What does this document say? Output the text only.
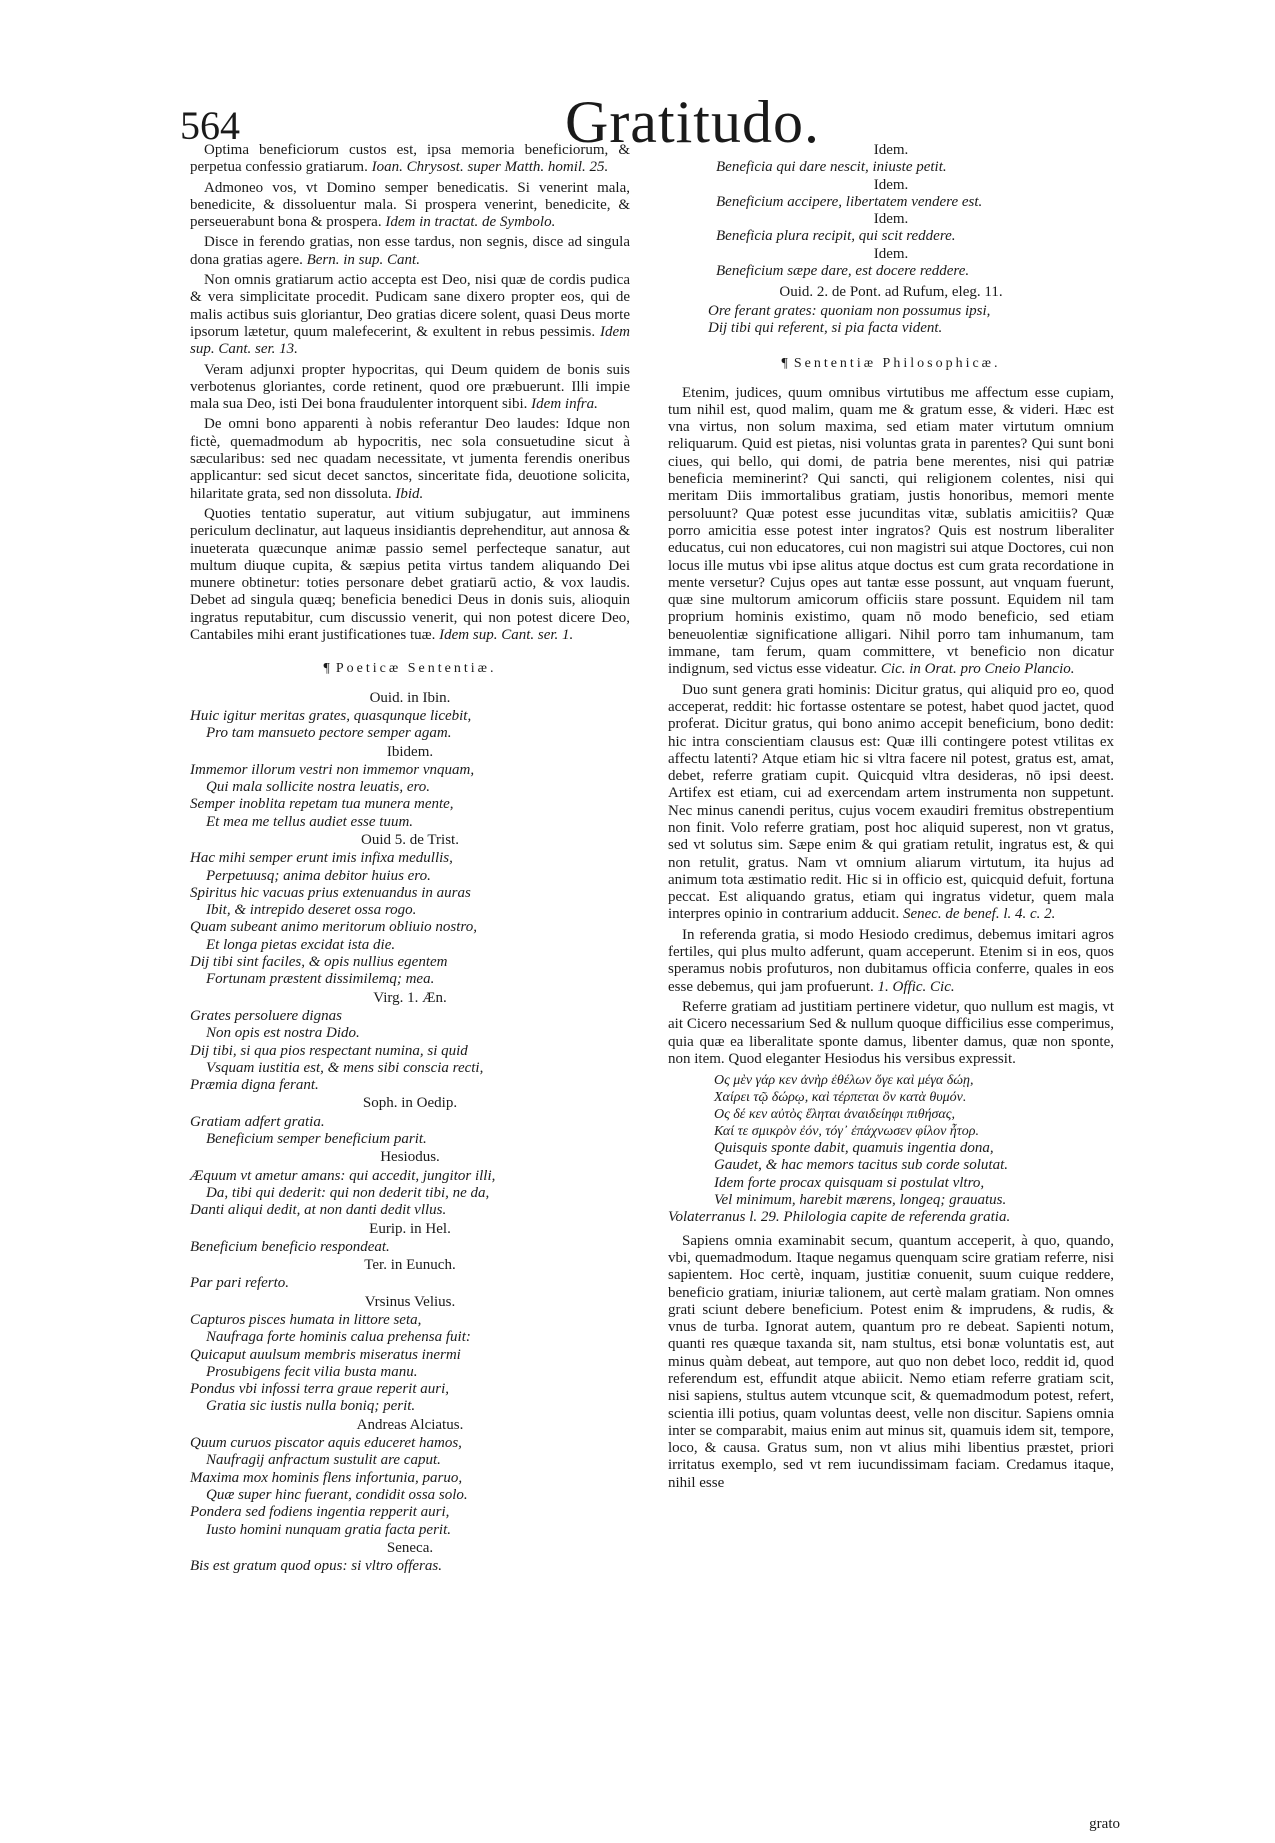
564	Gratitudo.

Optima beneficiorum custos est, ipsa memoria beneficiorum, & perpetua confessio gratiarum. Ioan. Chrysost. super Matth. homil. 25.

Admoneo vos, vt Domino semper benedicatis. Si venerint mala, benedicite, & dissoluentur mala. Si prospera venerint, benedicite, & perseuerabunt bona & prospera. Idem in tractat. de Symbolo.

Disce in ferendo gratias, non esse tardus, non segnis, disce ad singula dona gratias agere. Bern. in sup. Cant.

Non omnis gratiarum actio accepta est Deo, nisi quæ de cordis pudica & vera simplicitate procedit. Pudicam sane dixero propter eos, qui de malis actibus suis gloriantur, Deo gratias dicere solent, quasi Deus morte ipsorum lætetur, quum malefecerint, & exultent in rebus pessimis. Idem sup. Cant. ser. 13.

Veram adjunxi propter hypocritas, qui Deum quidem de bonis suis verbotenus gloriantes, corde retinent, quod ore præbuerunt. Illi impie mala sua Deo, isti Dei bona fraudulenter intorquent sibi. Idem infra.

De omni bono apparenti à nobis referantur Deo laudes: Idque non fictè, quemadmodum ab hypocritis, nec sola consuetudine sicut à sæcularibus: sed nec quadam necessitate, vt jumenta ferendis oneribus applicantur: sed sicut decet sanctos, sinceritate fida, deuotione solicita, hilaritate grata, sed non dissoluta. Ibid.

Quoties tentatio superatur, aut vitium subjugatur, aut imminens periculum declinatur, aut laqueus insidiantis deprehenditur, aut annosa & inueterata quæcunque animæ passio semel perfecteque sanatur, aut multum diuque cupita, & sæpius petita virtus tandem aliquando Dei munere obtinetur: toties personare debet gratiarū actio, & vox laudis. Debet ad singula quæq; beneficia benedici Deus in donis suis, alioquin ingratus reputabitur, cum discussio venerit, qui non potest dicere Deo, Cantabiles mihi erant justificationes tuæ. Idem sup. Cant. ser. 1.

¶ Poeticæ Sententiæ.
Ouid. in Ibin.
Huic igitur meritas grates, quasqunque licebit,
Pro tam mansueto pectore semper agam.
Ibidem.
Immemor illorum vestri non immemor vnquam,
Qui mala sollicite nostra leuatis, ero.
Semper inoblita repetam tua munera mente,
Et mea me tellus audiet esse tuum.
Ouid 5. de Trist.
Hac mihi semper erunt imis infixa medullis,
Perpetuusq; anima debitor huius ero.
Spiritus hic vacuas prius extenuandus in auras
Ibit, & intrepido deseret ossa rogo.
Quam subeant animo meritorum obliuio nostro,
Et longa pietas excidat ista die.
Dij tibi sint faciles, & opis nullius egentem
Fortunam præstent dissimilemq; mea.
Virg. 1. Æn.
Grates persoluere dignas
Non opis est nostra Dido.
Dij tibi, si qua pios respectant numina, si quid
Vsquam iustitia est, & mens sibi conscia recti,
Præmia digna ferant.
Soph. in Oedip.
Gratiam adfert gratia.
Beneficium semper beneficium parit.
Hesiodus.
Æquum vt ametur amans: qui accedit, jungitor illi,
Da, tibi qui dederit: qui non dederit tibi, ne da,
Danti aliqui dedit, at non danti dedit vllus.
Eurip. in Hel.
Beneficium beneficio respondeat.
Ter. in Eunuch.
Par pari referto.
Vrsinus Velius.
Capturos pisces humata in littore seta,
Naufraga forte hominis calua prehensa fuit:
Quicaput auulsum membris miseratus inermi
Prosubigens fecit vilia busta manu.
Pondus vbi infossi terra graue reperit auri,
Gratia sic iustis nulla boniq; perit.
Andreas Alciatus.
Quum curuos piscator aquis educeret hamos,
Naufragij anfractum sustulit are caput.
Maxima mox hominis flens infortunia, paruo,
Quæ super hinc fuerant, condidit ossa solo.
Pondera sed fodiens ingentia repperit auri,
Iusto homini nunquam gratia facta perit.
Seneca.
Bis est gratum quod opus: si vltro offeras.
Idem.
Beneficia qui dare nescit, iniuste petit.
Idem.
Beneficium accipere, libertatem vendere est.
Idem.
Beneficia plura recipit, qui scit reddere.
Idem.
Beneficium sæpe dare, est docere reddere.
Ouid. 2. de Pont. ad Rufum, eleg. 11.
Ore ferant grates: quoniam non possumus ipsi,
Dij tibi qui referent, si pia facta vident.
¶ Sententiæ Philosophicæ.

Etenim, judices, quum omnibus virtutibus me affectum esse cupiam, tum nihil est, quod malim, quam me & gratum esse, & videri. Hæc est vna virtus, non solum maxima, sed etiam mater virtutum omnium reliquarum. Quid est pietas, nisi voluntas grata in parentes? Qui sunt boni ciues, qui bello, qui domi, de patria bene merentes, nisi qui patriæ beneficia meminerint? Qui sancti, qui religionem colentes, nisi qui meritam Diis immortalibus gratiam, justis honoribus, memori mente persoluunt? Quæ potest esse jucunditas vitæ, sublatis amicitiis? Quæ porro amicitia esse potest inter ingratos? Quis est nostrum liberaliter educatus, cui non educatores, cui non magistri sui atque Doctores, cui non locus ille mutus vbi ipse alitus atque doctus est cum grata recordatione in mente versetur? Cujus opes aut tantæ esse possunt, aut vnquam fuerunt, quæ sine multorum amicorum officiis stare possunt. Equidem nil tam proprium hominis existimo, quam nō modo beneficio, sed etiam beneuolentiæ significatione alligari. Nihil porro tam inhumanum, tam immane, tam ferum, quam committere, vt beneficio non dicatur indignum, sed victus esse videatur. Cic. in Orat. pro Cneio Plancio.

Duo sunt genera grati hominis: Dicitur gratus, qui aliquid pro eo, quod acceperat, reddit: hic fortasse ostentare se potest, habet quod jactet, quod proferat. Dicitur gratus, qui bono animo accepit beneficium, bono dedit: hic intra conscientiam clausus est: Quæ illi contingere potest vtilitas ex affectu latenti? Atque etiam hic si vltra facere nil potest, gratus est, amat, debet, referre gratiam cupit. Quicquid vltra desideras, nō ipsi deest. Artifex est etiam, cui ad exercendam artem instrumenta non suppetunt. Nec minus canendi peritus, cujus vocem exaudiri fremitus obstrepentium non finit. Volo referre gratiam, post hoc aliquid superest, non vt gratus, sed vt solutus sim. Sæpe enim & qui gratiam retulit, ingratus est, & qui non retulit, gratus. Nam vt omnium aliarum virtutum, ita hujus ad animum tota æstimatio redit. Hic si in officio est, quicquid defuit, fortuna peccat. Est aliquando gratus, etiam qui ingratus videtur, quem mala interpres opinio in contrarium adducit. Senec. de benef. l. 4. c. 2.

In referenda gratia, si modo Hesiodo credimus, debemus imitari agros fertiles, qui plus multo adferunt, quam acceperunt. Etenim si in eos, quos speramus nobis profuturos, non dubitamus officia conferre, quales in eos esse debemus, qui jam profuerunt. 1. Offic. Cic.

Referre gratiam ad justitiam pertinere videtur, quo nullum est magis, vt ait Cicero necessarium Sed & nullum quoque difficilius esse comperimus, quia quæ ea liberalitate sponte damus, libenter damus, quæ non sponte, non item. Quod eleganter Hesiodus his versibus expressit.

Ος μὲν γάρ κεν ἀνὴρ ἐθέλων ὅγε καὶ μέγα δώῃ,
Χαίρει τῷ δώρῳ, καὶ τέρπεται ὃν κατὰ θυμόν.
Ος δέ κεν αὐτὸς ἕληται ἀναιδείηφι πιθήσας,
Καί τε σμικρὸν ἐόν, τόγ᾽ ἐπάχνωσεν φίλον ἦτορ.
Quisquis sponte dabit, quamuis ingentia dona,
Gaudet, & hac memors tacitus sub corde solutat.
Idem forte procax quisquam si postulat vltro,
Vel minimum, harebit mærens, longeq; grauatus.

Volaterranus l. 29. Philologia capite de referenda gratia.

Sapiens omnia examinabit secum, quantum acceperit, à quo, quando, vbi, quemadmodum. Itaque negamus quenquam scire gratiam referre, nisi sapientem. Hoc certè, inquam, justitiæ conuenit, suum cuique reddere, beneficio gratiam, iniuriæ talionem, aut certè malam gratiam. Non omnes grati sciunt debere beneficium. Potest enim & imprudens, & rudis, & vnus de turba. Ignorat autem, quantum pro re debeat. Sapienti notum, quanti res quæque taxanda sit, nam stultus, etsi bonæ voluntatis est, aut minus quàm debeat, aut tempore, aut quo non debet loco, reddit id, quod referendum est, effundit atque abiicit. Nemo etiam referre gratiam scit, nisi sapiens, stultus autem vtcunque scit, & quemadmodum potest, refert, scientia illi potius, quam voluntas deest, velle non discitur. Sapiens omnia inter se comparabit, maius enim aut minus sit, quamuis idem sit, tempore, loco, & causa. Gratus sum, non vt alius mihi libentius præstet, priori irritatus exemplo, sed vt rem iucundissimam faciam. Credamus itaque, nihil esse

grato
